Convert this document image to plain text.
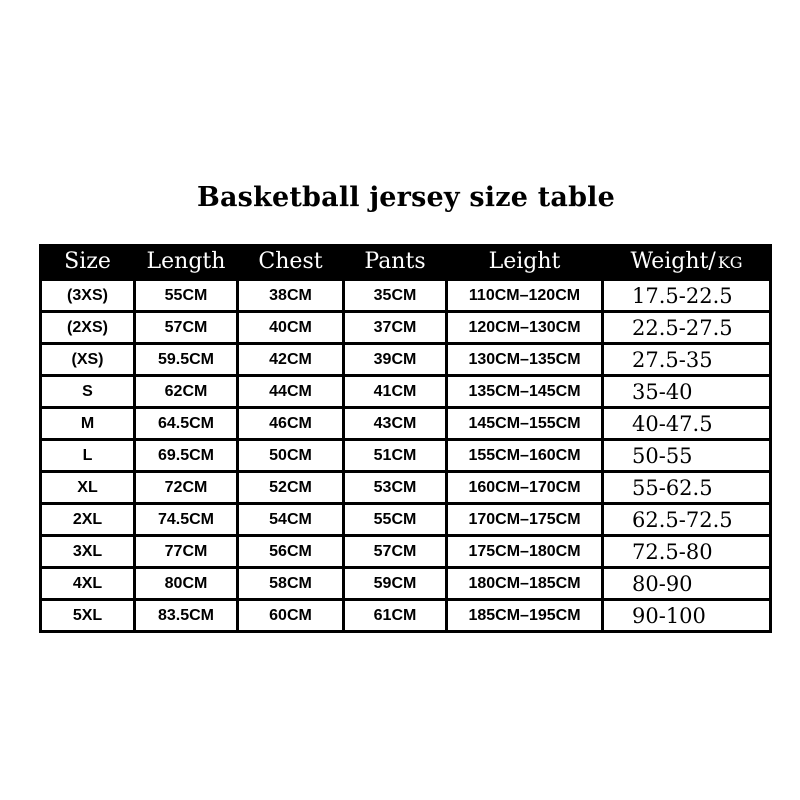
Basketball jersey size table
Size	Length	Chest	Pants	Leight	Weight/ KG
(3XS)	55CM	38CM	35CM	110CM–120CM	17.5-22.5
(2XS)	57CM	40CM	37CM	120CM–130CM	22.5-27.5
(XS)	59.5CM	42CM	39CM	130CM–135CM	27.5-35
S	62CM	44CM	41CM	135CM–145CM	35-40
M	64.5CM	46CM	43CM	145CM–155CM	40-47.5
L	69.5CM	50CM	51CM	155CM–160CM	50-55
XL	72CM	52CM	53CM	160CM–170CM	55-62.5
2XL	74.5CM	54CM	55CM	170CM–175CM	62.5-72.5
3XL	77CM	56CM	57CM	175CM–180CM	72.5-80
4XL	80CM	58CM	59CM	180CM–185CM	80-90
5XL	83.5CM	60CM	61CM	185CM–195CM	90-100
